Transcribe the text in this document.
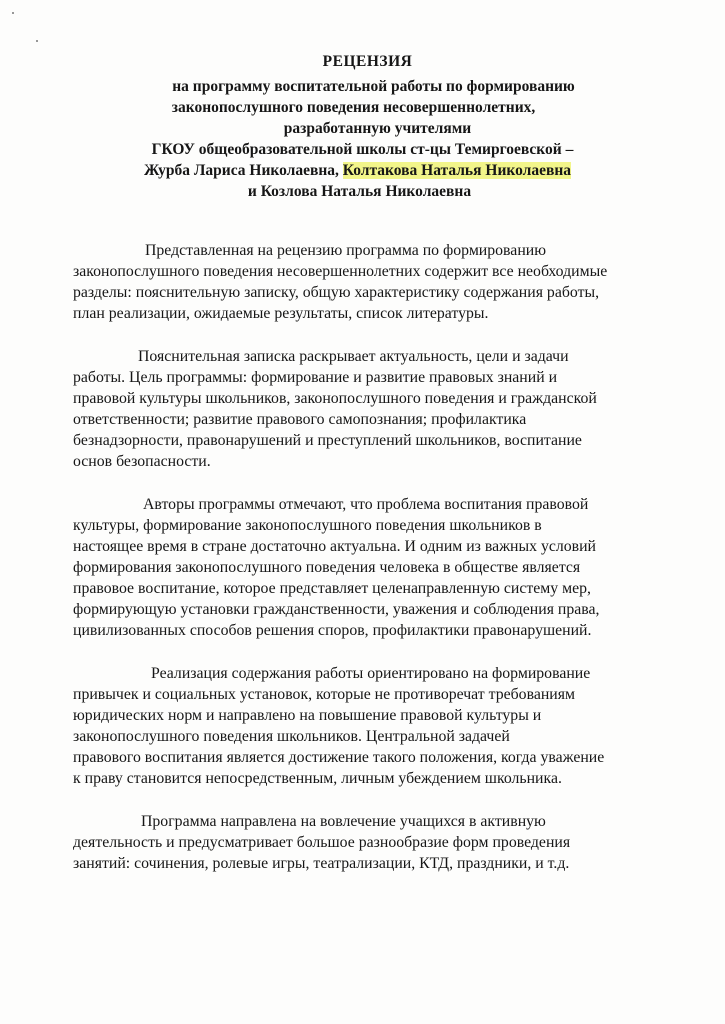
РЕЦЕНЗИЯ
на программу воспитательной работы по формированию
законопослушного поведения несовершеннолетних,
разработанную учителями
ГКОУ общеобразовательной школы ст-цы Темиргоевской –
Журба Лариса Николаевна, Колтакова Наталья Николаевна
и Козлова Наталья Николаевна
Представленная на рецензию программа по формированию
законопослушного поведения несовершеннолетних содержит все необходимые
разделы: пояснительную записку, общую характеристику содержания работы,
план реализации, ожидаемые результаты, список литературы.
Пояснительная записка раскрывает актуальность, цели и задачи
работы. Цель программы: формирование и развитие правовых знаний и
правовой культуры школьников, законопослушного поведения и гражданской
ответственности; развитие правового самопознания; профилактика
безнадзорности, правонарушений и преступлений школьников, воспитание
основ безопасности.
Авторы программы отмечают, что проблема воспитания правовой
культуры, формирование законопослушного поведения школьников в
настоящее время в стране достаточно актуальна. И одним из важных условий
формирования законопослушного поведения человека в обществе является
правовое воспитание, которое представляет целенаправленную систему мер,
формирующую установки гражданственности, уважения и соблюдения права,
цивилизованных способов решения споров, профилактики правонарушений.
Реализация содержания работы ориентировано на формирование
привычек и социальных установок, которые не противоречат требованиям
юридических норм и направлено на повышение правовой культуры и
законопослушного поведения школьников. Центральной задачей
правового воспитания является достижение такого положения, когда уважение
к праву становится непосредственным, личным убеждением школьника.
Программа направлена на вовлечение учащихся в активную
деятельность и предусматривает большое разнообразие форм проведения
занятий: сочинения, ролевые игры, театрализации, КТД, праздники, и т.д.
